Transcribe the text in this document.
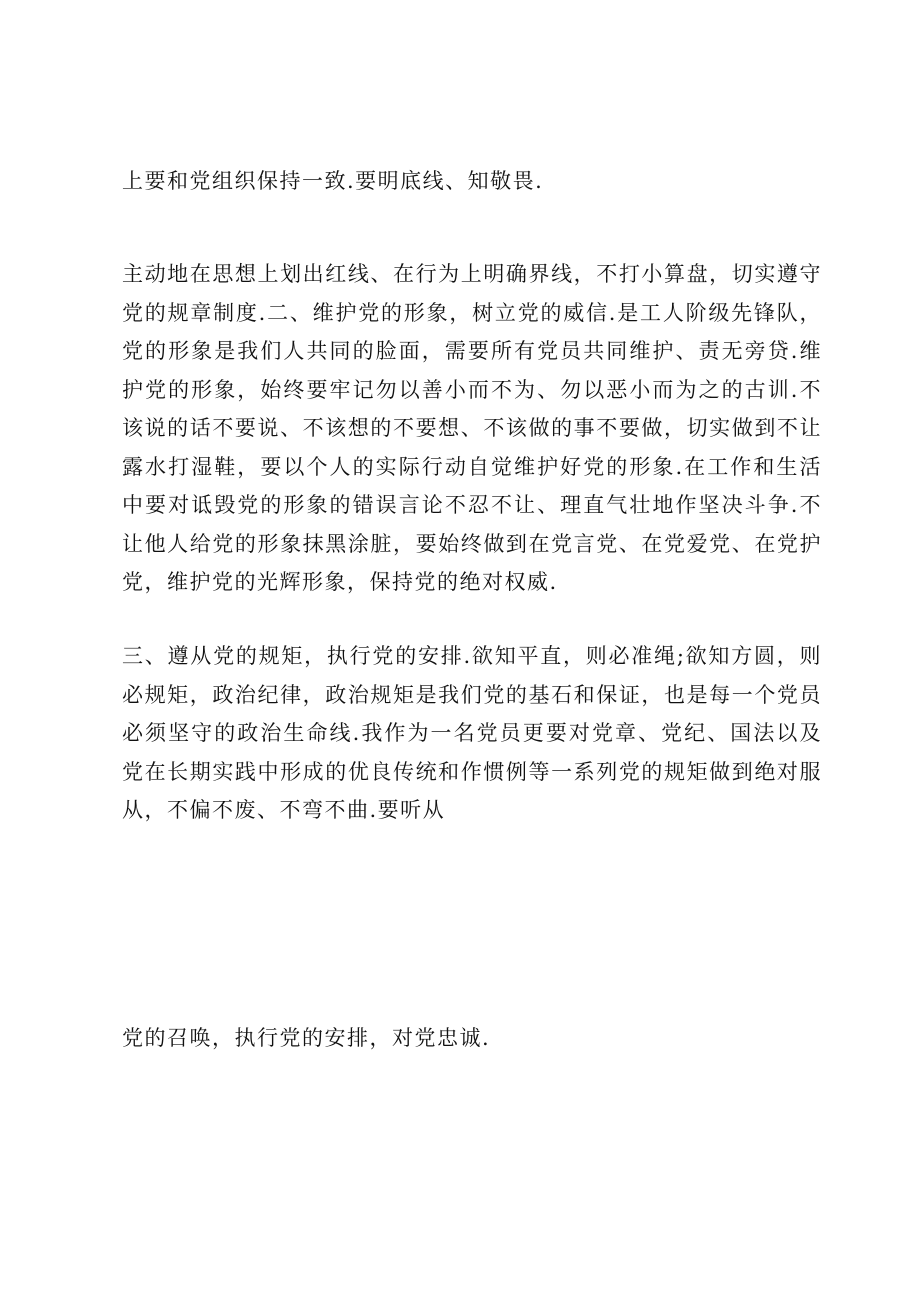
上要和党组织保持一致.要明底线、知敬畏.

主动地在思想上划出红线、在行为上明确界线，不打小算盘，切实遵守党的规章制度.二、维护党的形象，树立党的威信.是工人阶级先锋队，党的形象是我们人共同的脸面，需要所有党员共同维护、责无旁贷.维护党的形象，始终要牢记勿以善小而不为、勿以恶小而为之的古训.不该说的话不要说、不该想的不要想、不该做的事不要做，切实做到不让露水打湿鞋，要以个人的实际行动自觉维护好党的形象.在工作和生活中要对诋毁党的形象的错误言论不忍不让、理直气壮地作坚决斗争.不让他人给党的形象抹黑涂脏，要始终做到在党言党、在党爱党、在党护党，维护党的光辉形象，保持党的绝对权威.

三、遵从党的规矩，执行党的安排.欲知平直，则必准绳;欲知方圆，则必规矩，政治纪律，政治规矩是我们党的基石和保证，也是每一个党员必须坚守的政治生命线.我作为一名党员更要对党章、党纪、国法以及党在长期实践中形成的优良传统和作惯例等一系列党的规矩做到绝对服从，不偏不废、不弯不曲.要听从

党的召唤，执行党的安排，对党忠诚.
